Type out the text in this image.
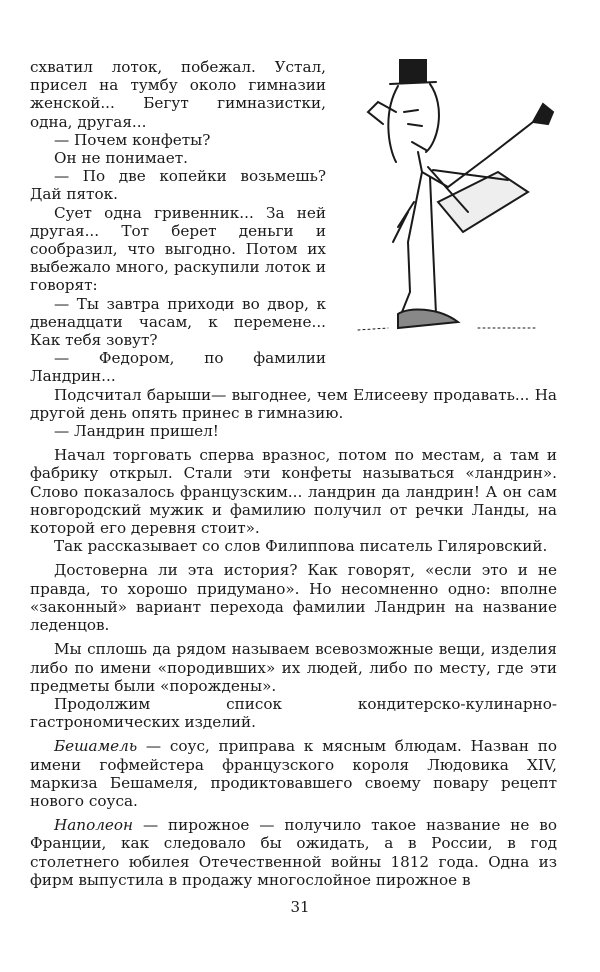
схватил лоток, побежал. Устал, присел на тумбу около гимназии женской... Бегут гимназистки, одна, другая...

— Почем конфеты?

Он не понимает.

— По две копейки возьмешь? Дай пяток.

Сует одна гривенник... За ней другая... Тот берет деньги и сообразил, что выгодно. Потом их выбежало много, раскупили лоток и говорят:

— Ты завтра приходи во двор, к двенадцати часам, к перемене... Как тебя зовут?

— Федором, по фамилии Ландрин...

Подсчитал барыши— выгоднее, чем Елисееву продавать... На другой день опять принес в гимназию.

— Ландрин пришел!

Начал торговать сперва вразнос, потом по местам, а там и фабрику открыл. Стали эти конфеты называться «ландрин». Слово показалось французским... ландрин да ландрин! А он сам новгородский мужик и фамилию получил от речки Ланды, на которой его деревня стоит».

Так рассказывает со слов Филиппова писатель Гиляровский.

Достоверна ли эта история? Как говорят, «если это и не правда, то хорошо придумано». Но несомненно одно: вполне «законный» вариант перехода фамилии Ландрин на название леденцов.

Мы сплошь да рядом называем всевозможные вещи, изделия либо по имени «породивших» их людей, либо по месту, где эти предметы были «порождены».

Продолжим список кондитерско-кулинарно-гастрономических изделий.

Бешамель — соус, приправа к мясным блюдам. Назван по имени гофмейстера французского короля Людовика XIV, маркиза Бешамеля, продиктовавшего своему повару рецепт нового соуса.

Наполеон — пирожное — получило такое название не во Франции, как следовало бы ожидать, а в России, в год столетнего юбилея Отечественной войны 1812 года. Одна из фирм выпустила в продажу многослойное пирожное в

31
